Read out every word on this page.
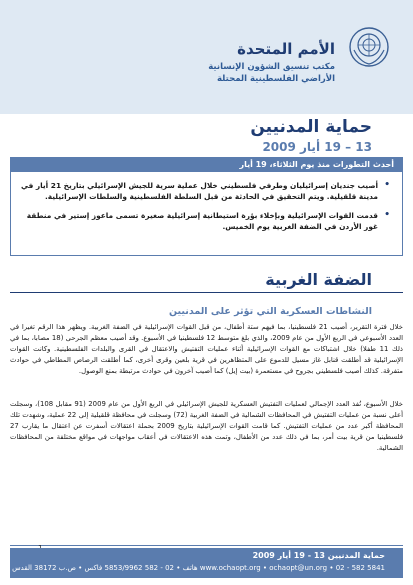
الأمم المتحدة
مكتب تنسيق الشؤون الإنسانية
الأراضي الفلسطينية المحتلة
حماية المدنيين
13 – 19 أيار 2009
أحدث التطورات منذ يوم الثلاثاء، 19 أيار
• أصيب جنديان إسرائيليان وطرفي فلسطيني خلال عملية سرية للجيش الإسرائيلي بتاريخ 21 أيار في مدينة قلقيلية. ويتم التحقيق في الحادثة من قبل السلطة الفلسطينية والسلطات الإسرائيلية.
• قدمت القوات الإسرائيلية وبإخلاء بؤرة استيطانية إسرائيلية صغيرة تسمى ماعوز إستير في منطقة غور الأردن في الضفة الغربية يوم الخميس.
الضفة الغربية
النشاطات العسكرية التي تؤثر على المدنيين
خلال فترة التقرير، أصيب 21 فلسطينيا، بما فيهم ستة أطفال، من قبل القوات الإسرائيلية في الضفة الغربية. ويظهر هذا الرقم تغيرا في العدد الأسبوعي في الربع الأول من عام 2009، والذي بلغ متوسط 12 فلسطينيا في الأسبوع. وقد أصيب معظم الجرحى (18 مصابا، بما في ذلك 11 طفلا) خلال اشتباكات مع القوات الإسرائيلية أثناء عمليات التفتيش والاعتقال في القرى والبلدات الفلسطينية. وكانت القوات الإسرائيلية قد أطلقت قنابل غاز مسيل للدموع على المتظاهرين في قرية بلعين وقرى أخرى، كما أطلقت الرصاص المطاطي في حوادث متفرقة. كذلك أصيب فلسطيني بجروح في مستعمرة (بيت إيل) كما أصيب آخرون في حوادث مرتبطة بمنع الوصول.
خلال الأسبوع، نُفذ العدد الإجمالي لعمليات التفتيش العسكرية للجيش الإسرائيلي في الربع الأول من عام 2009 (91 مقابل 108)، وسجلت أعلى نسبة من عمليات التفتيش في المحافظات الشمالية في الضفة الغربية (72) وسجلت في محافظة قلقيلية إلى 22 عملية، وشهدت تلك المحافظة أكبر عدد من عمليات التفتيش. كما قامت القوات الإسرائيلية بتاريخ 2009 بحملة اعتقالات أسفرت عن اعتقال ما يقارب 27 فلسطينيا من قرية بيت أمر، بما في ذلك عدد من الأطفال، وتمت هذه الاعتقالات في أعقاب مواجهات في مواقع مختلفة من المحافظات الشمالية.
حماية المدنيين 13 - 19 أيار 2009
www.ochaopt.org • ochaopt@un.org • 02 - 582 5841 هاتف • 02 - 582 5853/9962 فاكس • ص.ب 38172 القدس
